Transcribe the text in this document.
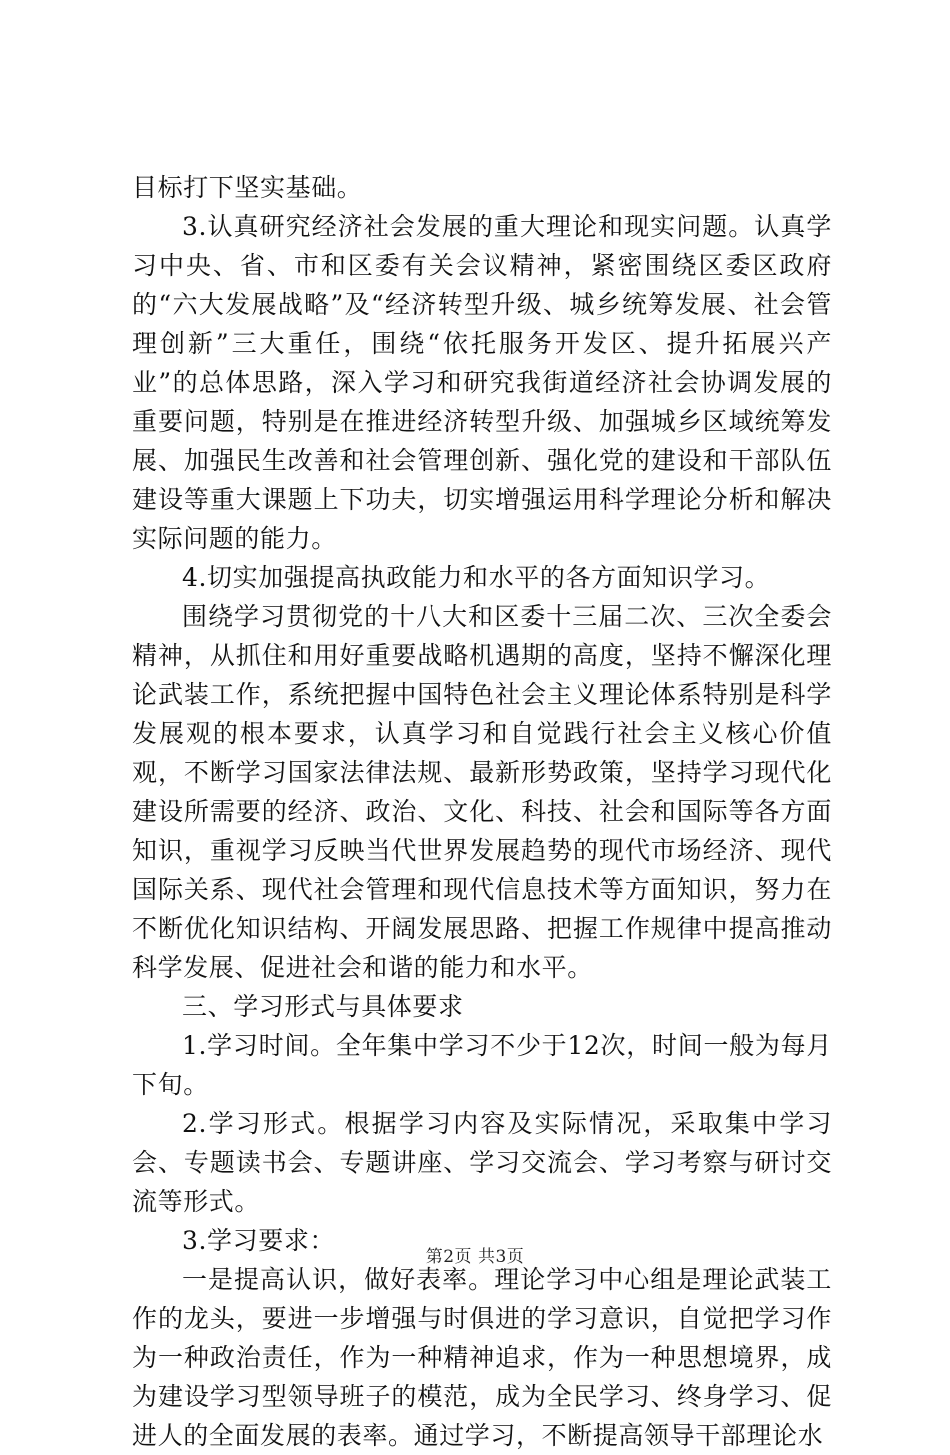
目标打下坚实基础。

3.认真研究经济社会发展的重大理论和现实问题。认真学习中央、省、市和区委有关会议精神，紧密围绕区委区政府的“六大发展战略”及“经济转型升级、城乡统筹发展、社会管理创新”三大重任，围绕“依托服务开发区、提升拓展兴产业”的总体思路，深入学习和研究我街道经济社会协调发展的重要问题，特别是在推进经济转型升级、加强城乡区域统筹发展、加强民生改善和社会管理创新、强化党的建设和干部队伍建设等重大课题上下功夫，切实增强运用科学理论分析和解决实际问题的能力。

4.切实加强提高执政能力和水平的各方面知识学习。

围绕学习贯彻党的十八大和区委十三届二次、三次全委会精神，从抓住和用好重要战略机遇期的高度，坚持不懈深化理论武装工作，系统把握中国特色社会主义理论体系特别是科学发展观的根本要求，认真学习和自觉践行社会主义核心价值观，不断学习国家法律法规、最新形势政策，坚持学习现代化建设所需要的经济、政治、文化、科技、社会和国际等各方面知识，重视学习反映当代世界发展趋势的现代市场经济、现代国际关系、现代社会管理和现代信息技术等方面知识，努力在不断优化知识结构、开阔发展思路、把握工作规律中提高推动科学发展、促进社会和谐的能力和水平。

三、学习形式与具体要求

1.学习时间。全年集中学习不少于12次，时间一般为每月下旬。

2.学习形式。根据学习内容及实际情况，采取集中学习会、专题读书会、专题讲座、学习交流会、学习考察与研讨交流等形式。

3.学习要求：

一是提高认识，做好表率。理论学习中心组是理论武装工作的龙头，要进一步增强与时俱进的学习意识，自觉把学习作为一种政治责任，作为一种精神追求，作为一种思想境界，成为建设学习型领导班子的模范，成为全民学习、终身学习、促进人的全面发展的表率。通过学习，不断提高领导干部理论水

第2页 共3页
